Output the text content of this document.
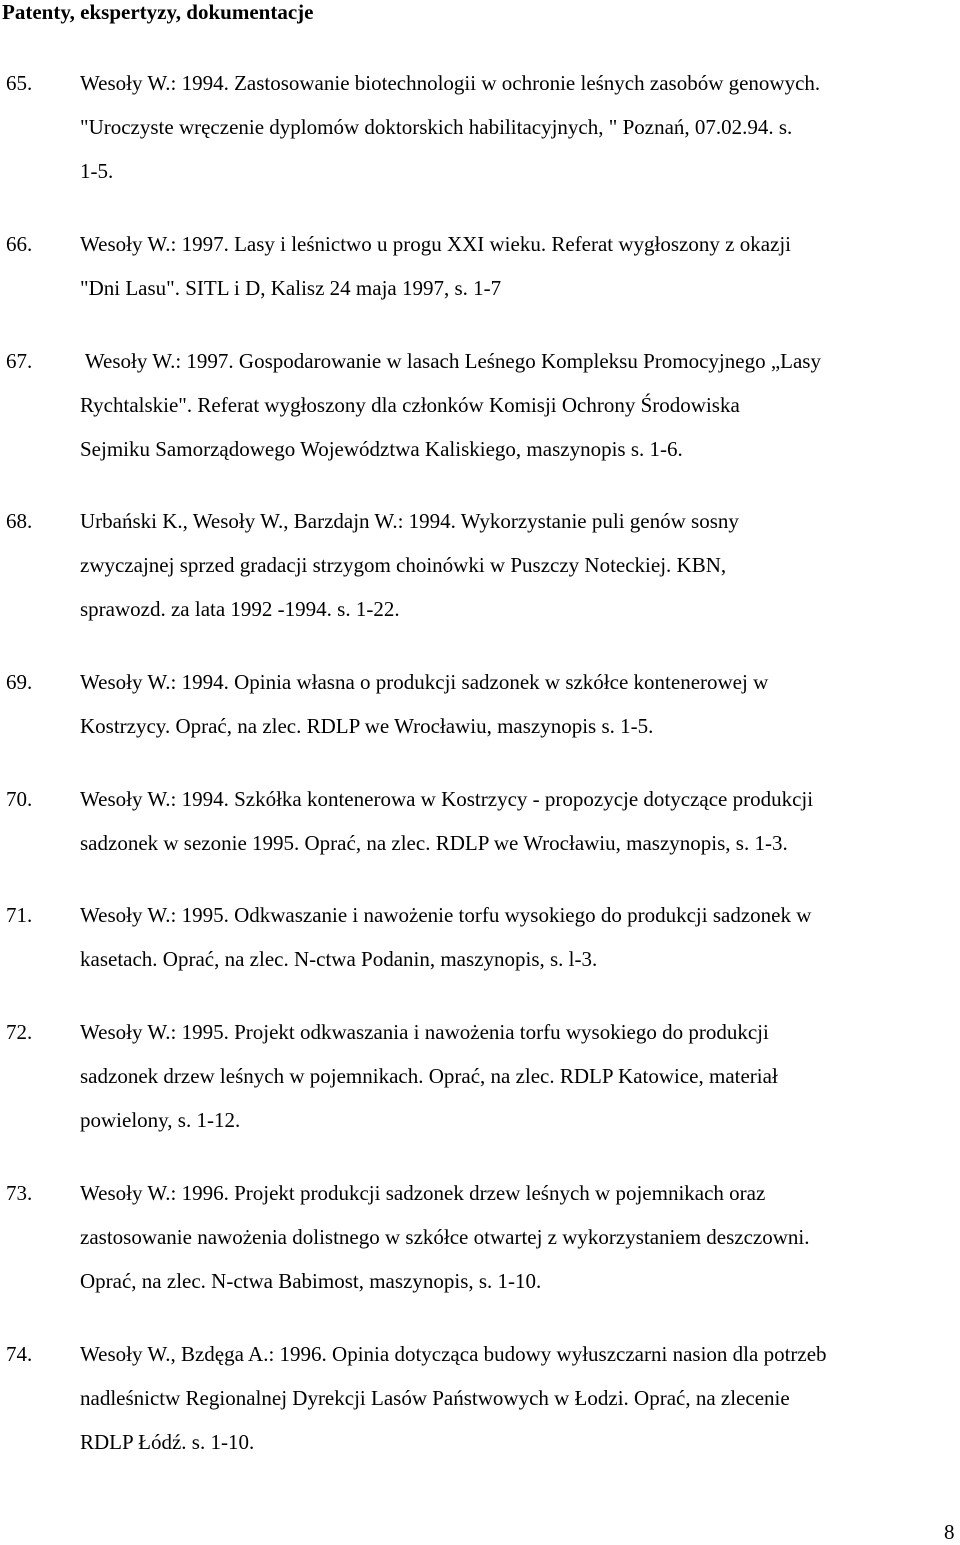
Patenty, ekspertyzy, dokumentacje
65. Wesoły W.: 1994. Zastosowanie biotechnologii w ochronie leśnych zasobów genowych.
"Uroczyste wręczenie dyplomów doktorskich habilitacyjnych, " Poznań, 07.02.94. s.
1-5.
66. Wesoły W.: 1997. Lasy i leśnictwo u progu XXI wieku. Referat wygłoszony z okazji
"Dni Lasu". SITL i D, Kalisz 24 maja 1997, s. 1-7
67. Wesoły W.: 1997. Gospodarowanie w lasach Leśnego Kompleksu Promocyjnego „Lasy
Rychtalskie". Referat wygłoszony dla członków Komisji Ochrony Środowiska
Sejmiku Samorządowego Województwa Kaliskiego, maszynopis s. 1-6.
68. Urbański K., Wesoły W., Barzdajn W.: 1994. Wykorzystanie puli genów sosny
zwyczajnej sprzed gradacji strzygom choinówki w Puszczy Noteckiej. KBN,
sprawozd. za lata 1992 -1994. s. 1-22.
69. Wesoły W.: 1994. Opinia własna o produkcji sadzonek w szkółce kontenerowej w
Kostrzycy. Oprać, na zlec. RDLP we Wrocławiu, maszynopis s. 1-5.
70. Wesoły W.: 1994. Szkółka kontenerowa w Kostrzycy - propozycje dotyczące produkcji
sadzonek w sezonie 1995. Oprać, na zlec. RDLP we Wrocławiu, maszynopis, s. 1-3.
71. Wesoły W.: 1995. Odkwaszanie i nawożenie torfu wysokiego do produkcji sadzonek w
kasetach. Oprać, na zlec. N-ctwa Podanin, maszynopis, s. l-3.
72. Wesoły W.: 1995. Projekt odkwaszania i nawożenia torfu wysokiego do produkcji
sadzonek drzew leśnych w pojemnikach. Oprać, na zlec. RDLP Katowice, materiał
powielony, s. 1-12.
73. Wesoły W.: 1996. Projekt produkcji sadzonek drzew leśnych w pojemnikach oraz
zastosowanie nawożenia dolistnego w szkółce otwartej z wykorzystaniem deszczowni.
Oprać, na zlec. N-ctwa Babimost, maszynopis, s. 1-10.
74. Wesoły W., Bzdęga A.: 1996. Opinia dotycząca budowy wyłuszczarni nasion dla potrzeb
nadleśnictw Regionalnej Dyrekcji Lasów Państwowych w Łodzi. Oprać, na zlecenie
RDLP Łódź. s. 1-10.
8
